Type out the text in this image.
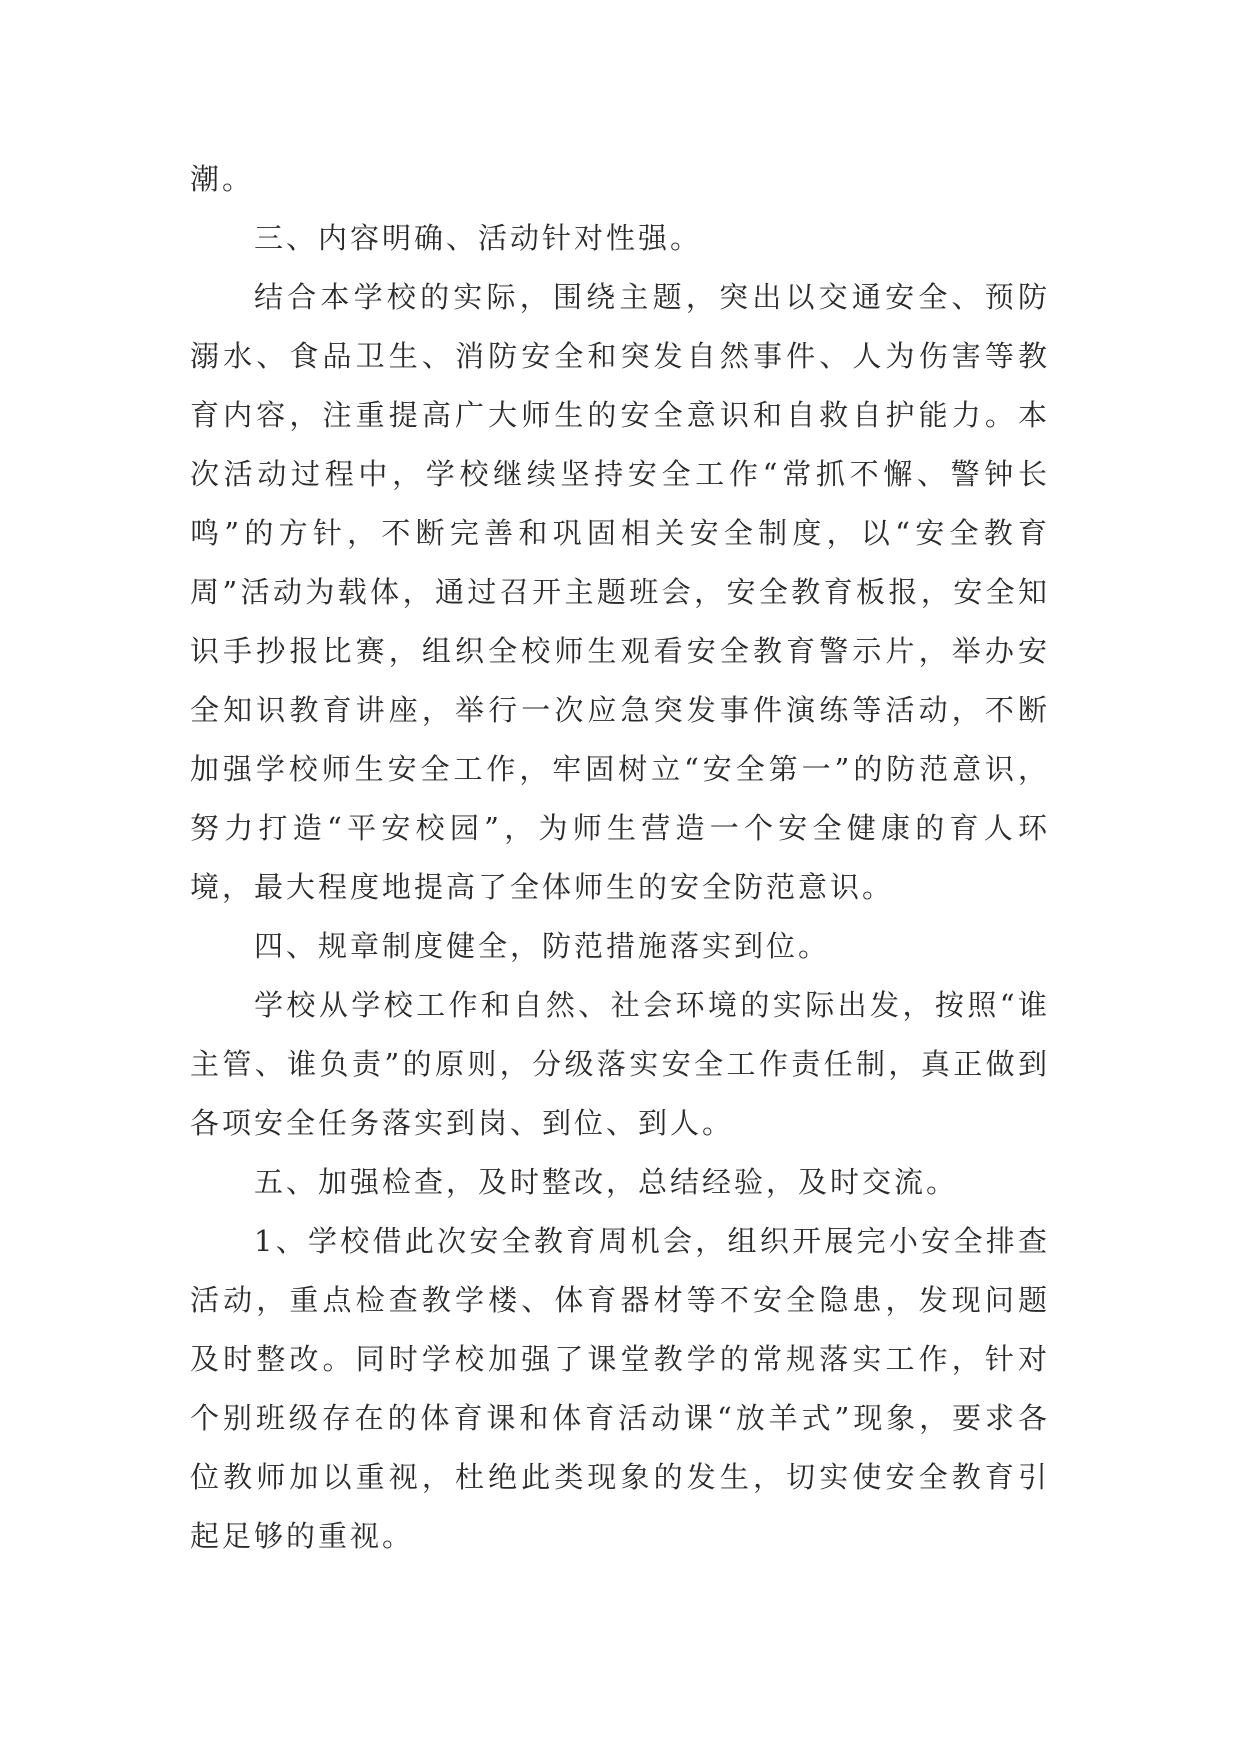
潮。

三、内容明确、活动针对性强。

结合本学校的实际，围绕主题，突出以交通安全、预防溺水、食品卫生、消防安全和突发自然事件、人为伤害等教育内容，注重提高广大师生的安全意识和自救自护能力。本次活动过程中，学校继续坚持安全工作“常抓不懈、警钟长鸣”的方针，不断完善和巩固相关安全制度，以“安全教育周”活动为载体，通过召开主题班会，安全教育板报，安全知识手抄报比赛，组织全校师生观看安全教育警示片，举办安全知识教育讲座，举行一次应急突发事件演练等活动，不断加强学校师生安全工作，牢固树立“安全第一”的防范意识，努力打造“平安校园”，为师生营造一个安全健康的育人环境，最大程度地提高了全体师生的安全防范意识。

四、规章制度健全，防范措施落实到位。

学校从学校工作和自然、社会环境的实际出发，按照“谁主管、谁负责”的原则，分级落实安全工作责任制，真正做到各项安全任务落实到岗、到位、到人。

五、加强检查，及时整改，总结经验，及时交流。

1、学校借此次安全教育周机会，组织开展完小安全排查活动，重点检查教学楼、体育器材等不安全隐患，发现问题及时整改。同时学校加强了课堂教学的常规落实工作，针对个别班级存在的体育课和体育活动课“放羊式”现象，要求各位教师加以重视，杜绝此类现象的发生，切实使安全教育引起足够的重视。
